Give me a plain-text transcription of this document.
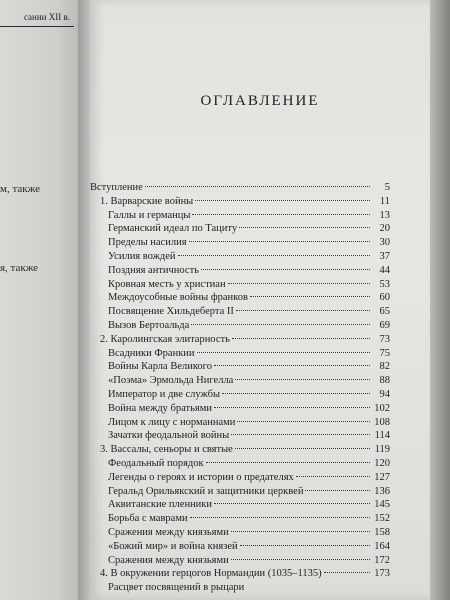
сании XII в.
м, также
я, также
ОГЛАВЛЕНИЕ
Вступление	5
1. Варварские войны	11
Галлы и германцы	13
Германский идеал по Тациту	20
Пределы насилия	30
Усилия вождей	37
Поздняя античность	44
Кровная месть у христиан	53
Междоусобные войны франков	60
Посвящение Хильдеберта II	65
Вызов Бертоальда	69
2. Каролингская элитарность	73
Всадники Франкии	75
Войны Карла Великого	82
«Поэма» Эрмольда Нигелла	88
Император и две службы	94
Война между братьями	102
Лицом к лицу с норманнами	108
Зачатки феодальной войны	114
3. Вассалы, сеньоры и святые	119
Феодальный порядок	120
Легенды о героях и истории о предателях	127
Геральд Орильякский и защитники церквей	136
Аквитанские пленники	145
Борьба с маврами	152
Сражения между князьями	158
«Божий мир» и война князей	164
Сражения между князьями	172
4. В окружении герцогов Нормандии (1035–1135)	173
Расцвет посвящений в рыцари
